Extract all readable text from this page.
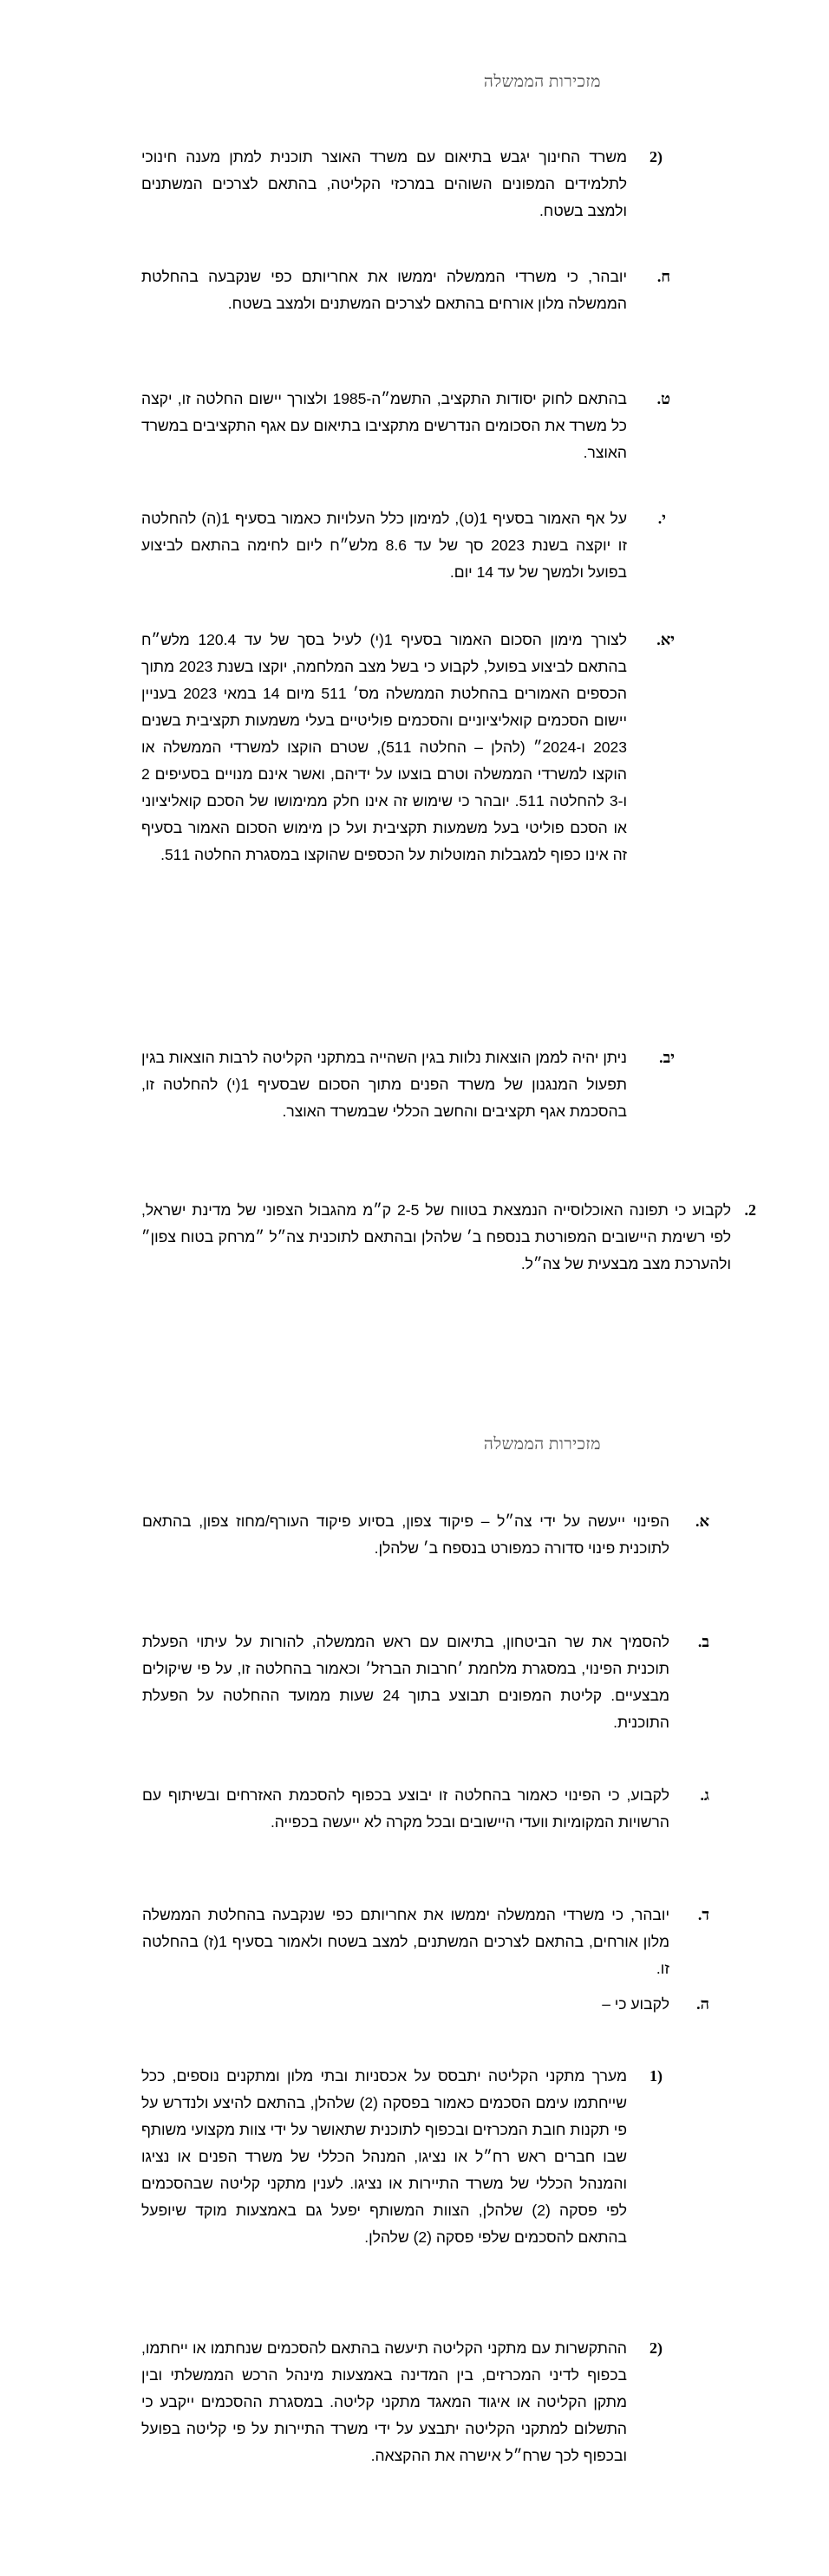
מזכירות הממשלה
(2
משרד החינוך יגבש בתיאום עם משרד האוצר תוכנית למתן מענה חינוכי לתלמידים המפונים השוהים במרכזי הקליטה, בהתאם לצרכים המשתנים ולמצב בשטח.
ח.
יובהר, כי משרדי הממשלה יממשו את אחריותם כפי שנקבעה בהחלטת הממשלה מלון אורחים בהתאם לצרכים המשתנים ולמצב בשטח.
ט.
בהתאם לחוק יסודות התקציב, התשמ״ה-1985 ולצורך יישום החלטה זו, יקצה כל משרד את הסכומים הנדרשים מתקציבו בתיאום עם אגף התקציבים במשרד האוצר.
י.
על אף האמור בסעיף 1(ט), למימון כלל העלויות כאמור בסעיף 1(ה) להחלטה זו יוקצה בשנת 2023 סך של עד 8.6 מלש״ח ליום לחימה בהתאם לביצוע בפועל ולמשך של עד 14 יום.
יא.
לצורך מימון הסכום האמור בסעיף 1(י) לעיל בסך של עד 120.4 מלש״ח בהתאם לביצוע בפועל, לקבוע כי בשל מצב המלחמה, יוקצו בשנת 2023 מתוך הכספים האמורים בהחלטת הממשלה מס׳ 511 מיום 14 במאי 2023 בעניין יישום הסכמים קואליציוניים והסכמים פוליטיים בעלי משמעות תקציבית בשנים 2023 ו-2024״ (להלן – החלטה 511), שטרם הוקצו למשרדי הממשלה או הוקצו למשרדי הממשלה וטרם בוצעו על ידיהם, ואשר אינם מנויים בסעיפים 2 ו-3 להחלטה 511. יובהר כי שימוש זה אינו חלק ממימושו של הסכם קואליציוני או הסכם פוליטי בעל משמעות תקציבית ועל כן מימוש הסכום האמור בסעיף זה אינו כפוף למגבלות המוטלות על הכספים שהוקצו במסגרת החלטה 511.
יב.
ניתן יהיה לממן הוצאות נלוות בגין השהייה במתקני הקליטה לרבות הוצאות בגין תפעול המנגנון של משרד הפנים מתוך הסכום שבסעיף 1(י) להחלטה זו, בהסכמת אגף תקציבים והחשב הכללי שבמשרד האוצר.
2.
לקבוע כי תפונה האוכלוסייה הנמצאת בטווח של 2-5 ק״מ מהגבול הצפוני של מדינת ישראל, לפי רשימת היישובים המפורטת בנספח ב׳ שלהלן ובהתאם לתוכנית צה״ל ״מרחק בטוח צפון״ ולהערכת מצב מבצעית של צה״ל.
מזכירות הממשלה
א.
הפינוי ייעשה על ידי צה״ל – פיקוד צפון, בסיוע פיקוד העורף/מחוז צפון, בהתאם לתוכנית פינוי סדורה כמפורט בנספח ב׳ שלהלן.
ב.
להסמיך את שר הביטחון, בתיאום עם ראש הממשלה, להורות על עיתוי הפעלת תוכנית הפינוי, במסגרת מלחמת ׳חרבות הברזל׳ וכאמור בהחלטה זו, על פי שיקולים מבצעיים. קליטת המפונים תבוצע בתוך 24 שעות ממועד ההחלטה על הפעלת התוכנית.
ג.
לקבוע, כי הפינוי כאמור בהחלטה זו יבוצע בכפוף להסכמת האזרחים ובשיתוף עם הרשויות המקומיות וועדי היישובים ובכל מקרה לא ייעשה בכפייה.
ד.
יובהר, כי משרדי הממשלה יממשו את אחריותם כפי שנקבעה בהחלטת הממשלה מלון אורחים, בהתאם לצרכים המשתנים, למצב בשטח ולאמור בסעיף 1(ז) בהחלטה זו.
ה.
לקבוע כי –
(1
מערך מתקני הקליטה יתבסס על אכסניות ובתי מלון ומתקנים נוספים, ככל שייחתמו עימם הסכמים כאמור בפסקה (2) שלהלן, בהתאם להיצע ולנדרש על פי תקנות חובת המכרזים ובכפוף לתוכנית שתאושר על ידי צוות מקצועי משותף שבו חברים ראש רח״ל או נציגו, המנהל הכללי של משרד הפנים או נציגו והמנהל הכללי של משרד התיירות או נציגו. לענין מתקני קליטה שבהסכמים לפי פסקה (2) שלהלן, הצוות המשותף יפעל גם באמצעות מוקד שיופעל בהתאם להסכמים שלפי פסקה (2) שלהלן.
(2
ההתקשרות עם מתקני הקליטה תיעשה בהתאם להסכמים שנחתמו או ייחתמו, בכפוף לדיני המכרזים, בין המדינה באמצעות מינהל הרכש הממשלתי ובין מתקן הקליטה או איגוד המאגד מתקני קליטה. במסגרת ההסכמים ייקבע כי התשלום למתקני הקליטה יתבצע על ידי משרד התיירות על פי קליטה בפועל ובכפוף לכך שרח״ל אישרה את ההקצאה.
